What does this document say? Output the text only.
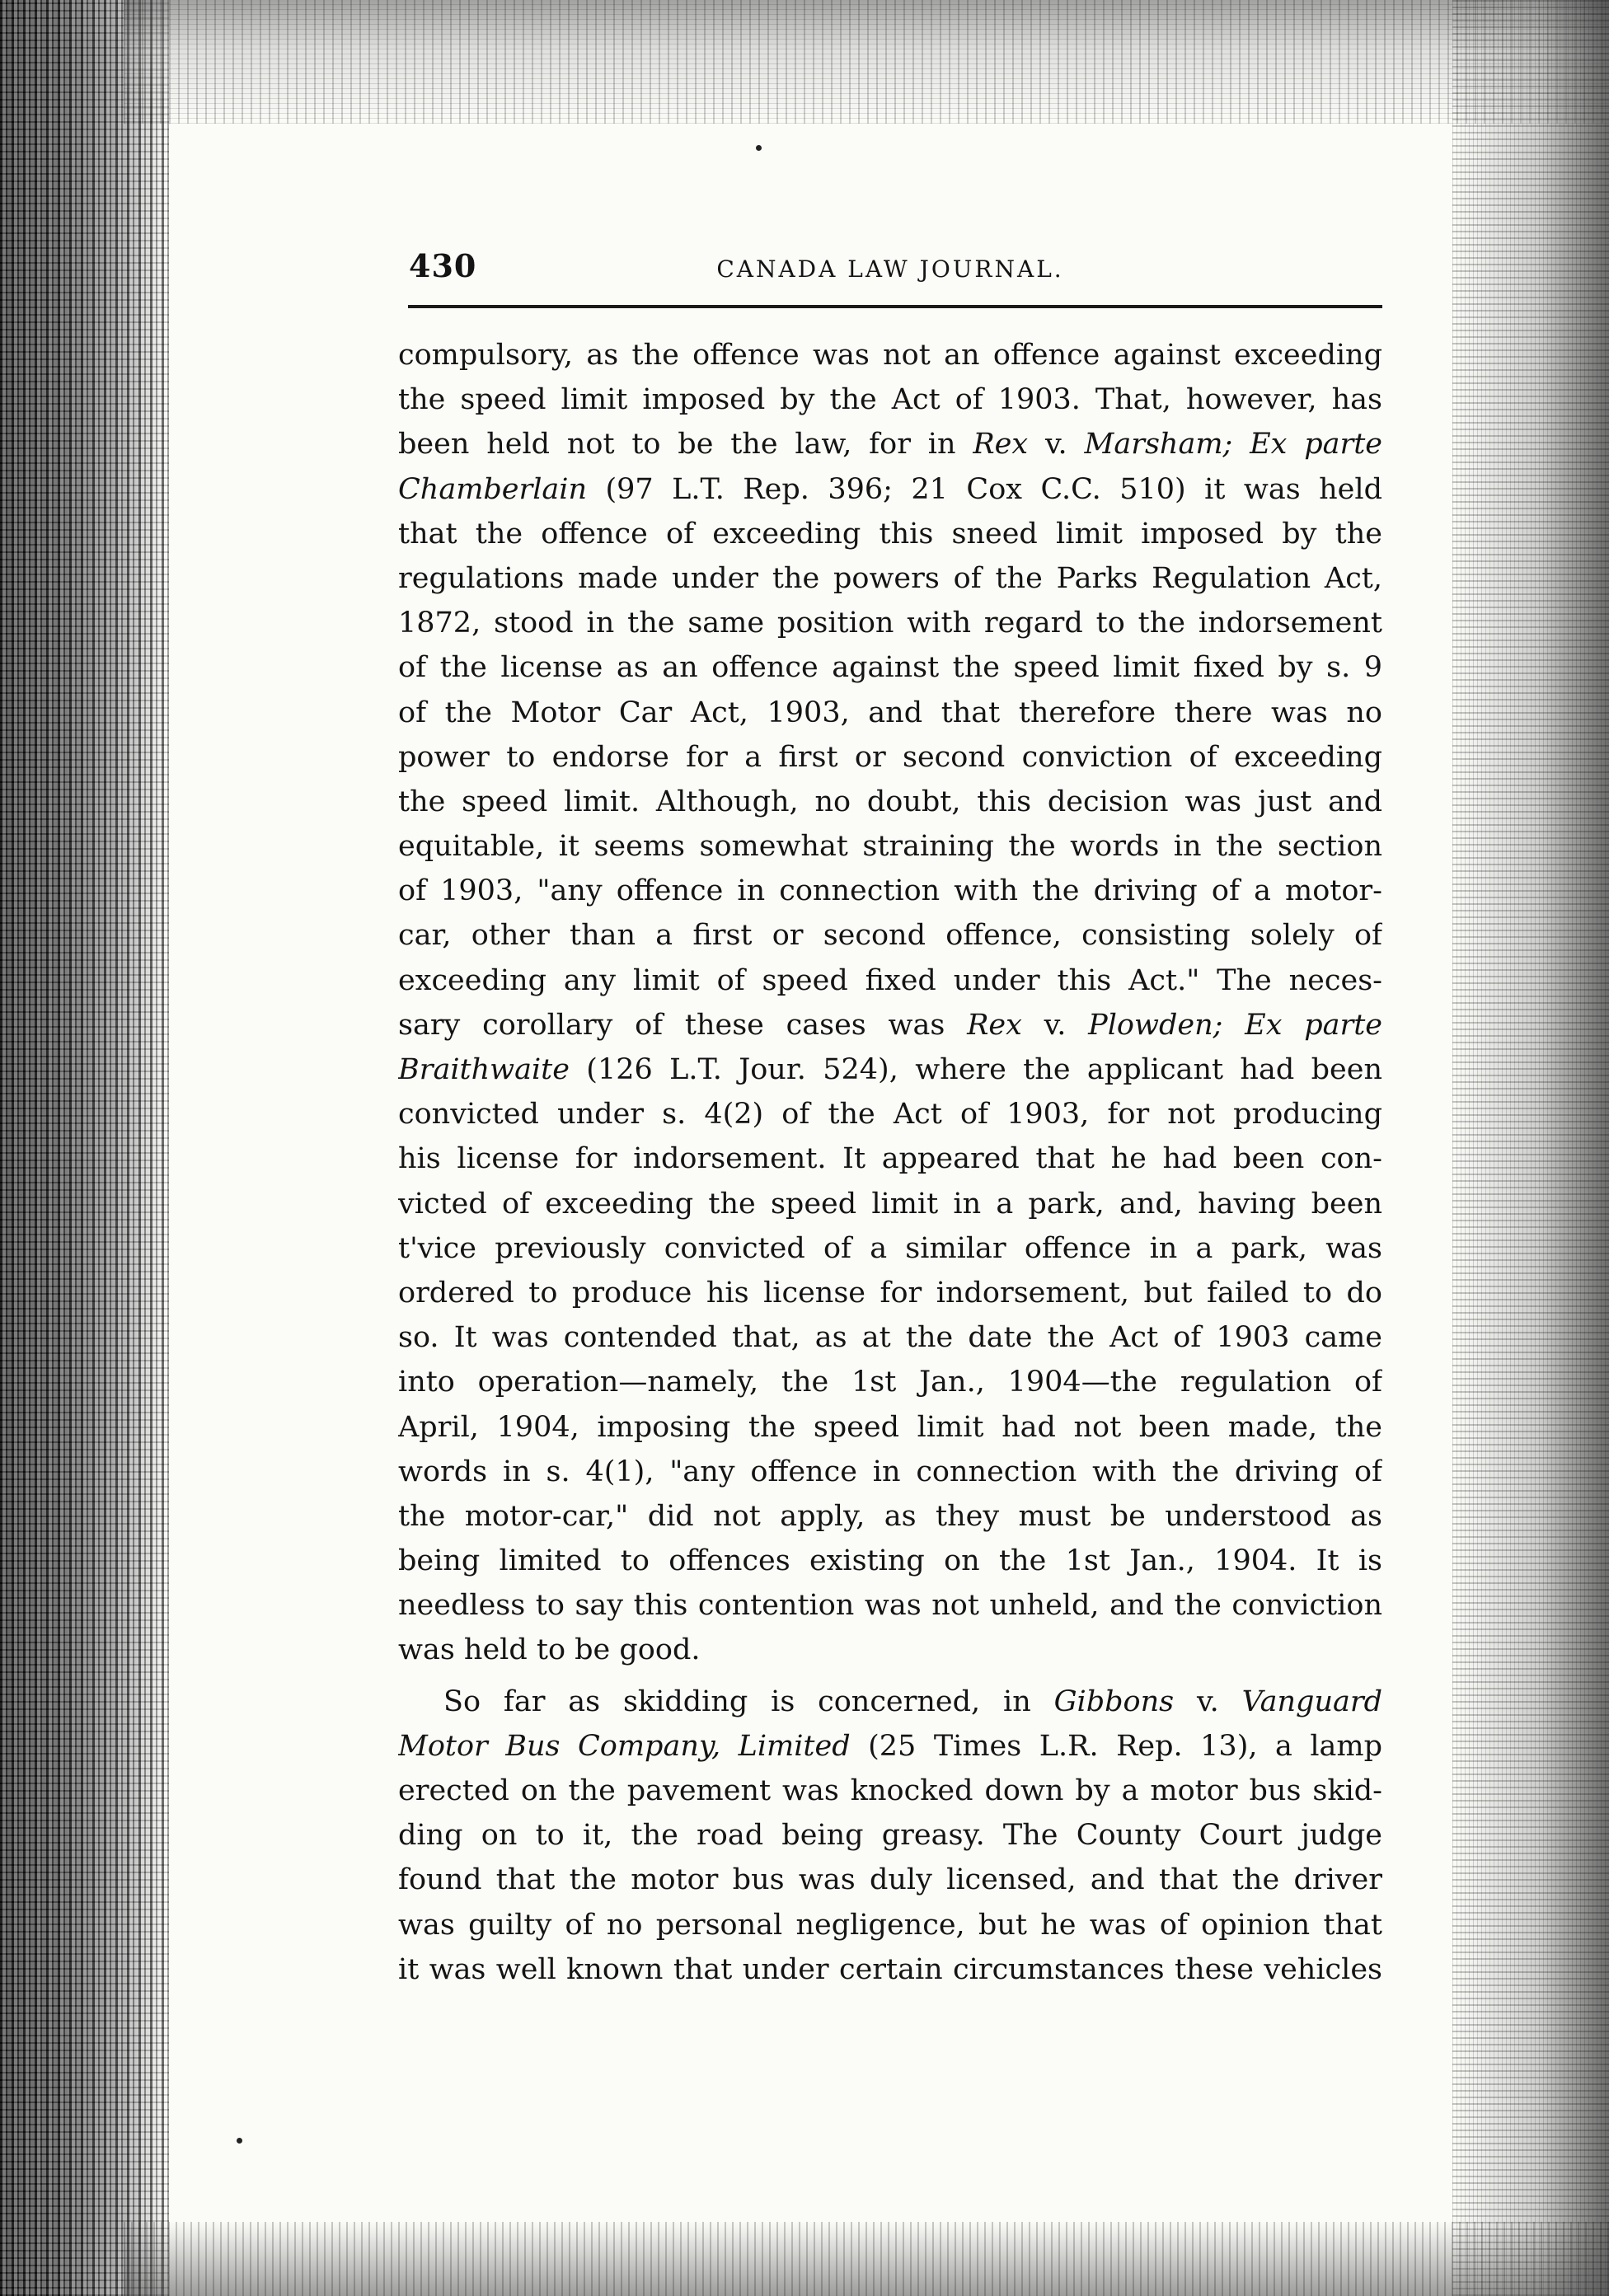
430	CANADA LAW JOURNAL.
compulsory, as the offence was not an offence against exceeding
the speed limit imposed by the Act of 1903. That, however, has
been held not to be the law, for in Rex v. Marsham; Ex parte
Chamberlain (97 L.T. Rep. 396; 21 Cox C.C. 510) it was held
that the offence of exceeding this sneed limit imposed by the
regulations made under the powers of the Parks Regulation Act,
1872, stood in the same position with regard to the indorsement
of the license as an offence against the speed limit fixed by s. 9
of the Motor Car Act, 1903, and that therefore there was no
power to endorse for a first or second conviction of exceeding
the speed limit. Although, no doubt, this decision was just and
equitable, it seems somewhat straining the words in the section
of 1903, "any offence in connection with the driving of a motor-
car, other than a first or second offence, consisting solely of
exceeding any limit of speed fixed under this Act." The neces-
sary corollary of these cases was Rex v. Plowden; Ex parte
Braithwaite (126 L.T. Jour. 524), where the applicant had been
convicted under s. 4(2) of the Act of 1903, for not producing
his license for indorsement. It appeared that he had been con-
victed of exceeding the speed limit in a park, and, having been
t'vice previously convicted of a similar offence in a park, was
ordered to produce his license for indorsement, but failed to do
so. It was contended that, as at the date the Act of 1903 came
into operation—namely, the 1st Jan., 1904—the regulation of
April, 1904, imposing the speed limit had not been made, the
words in s. 4(1), "any offence in connection with the driving of
the motor-car," did not apply, as they must be understood as
being limited to offences existing on the 1st Jan., 1904. It is
needless to say this contention was not unheld, and the conviction
was held to be good.
So far as skidding is concerned, in Gibbons v. Vanguard
Motor Bus Company, Limited (25 Times L.R. Rep. 13), a lamp
erected on the pavement was knocked down by a motor bus skid-
ding on to it, the road being greasy. The County Court judge
found that the motor bus was duly licensed, and that the driver
was guilty of no personal negligence, but he was of opinion that
it was well known that under certain circumstances these vehicles
